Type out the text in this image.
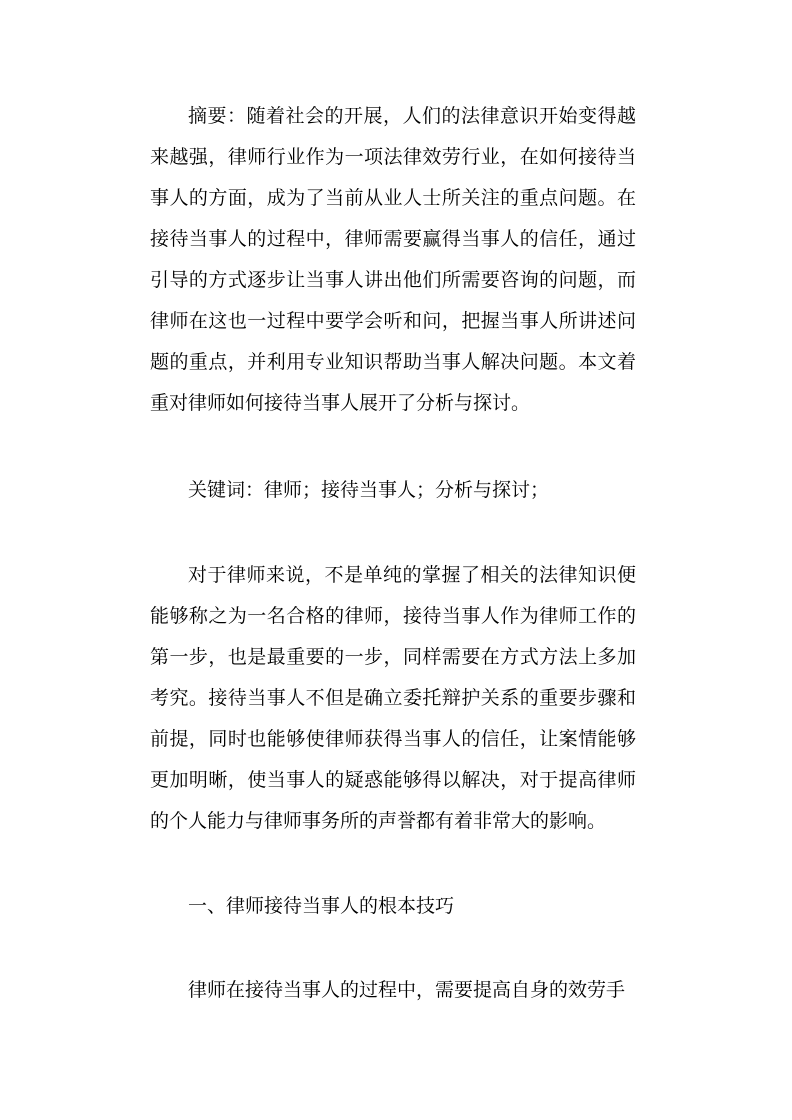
摘要：随着社会的开展，人们的法律意识开始变得越来越强，律师行业作为一项法律效劳行业，在如何接待当事人的方面，成为了当前从业人士所关注的重点问题。在接待当事人的过程中，律师需要赢得当事人的信任，通过引导的方式逐步让当事人讲出他们所需要咨询的问题，而律师在这也一过程中要学会听和问，把握当事人所讲述问题的重点，并利用专业知识帮助当事人解决问题。本文着重对律师如何接待当事人展开了分析与探讨。

关键词：律师；接待当事人；分析与探讨；

对于律师来说，不是单纯的掌握了相关的法律知识便能够称之为一名合格的律师，接待当事人作为律师工作的第一步，也是最重要的一步，同样需要在方式方法上多加考究。接待当事人不但是确立委托辩护关系的重要步骤和前提，同时也能够使律师获得当事人的信任，让案情能够更加明晰，使当事人的疑惑能够得以解决，对于提高律师的个人能力与律师事务所的声誉都有着非常大的影响。

一、律师接待当事人的根本技巧

律师在接待当事人的过程中，需要提高自身的效劳手
